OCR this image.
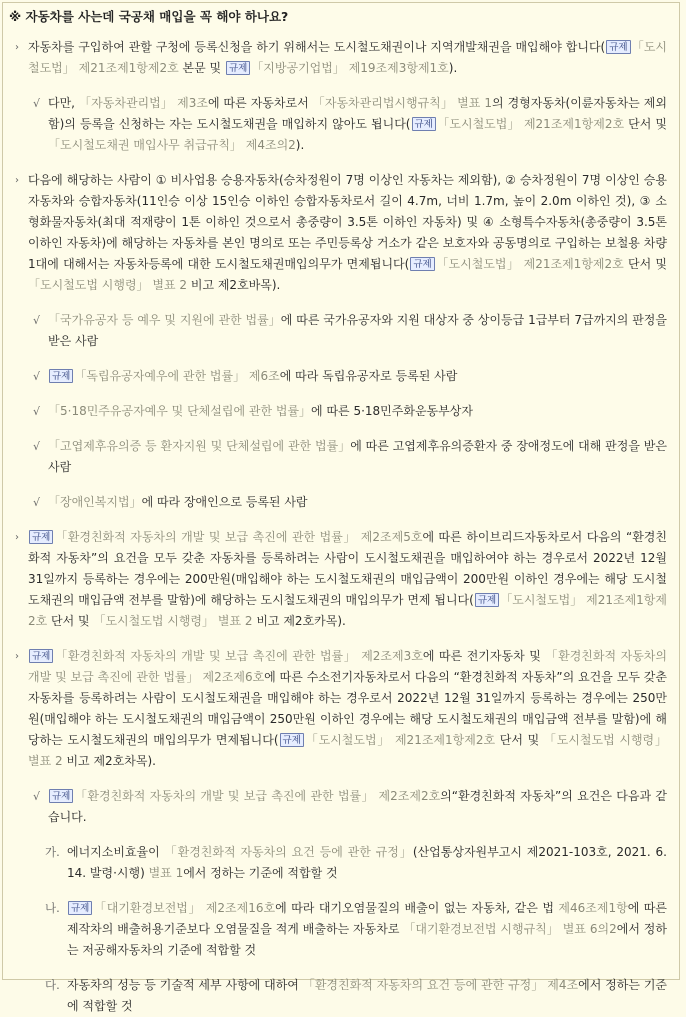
※ 자동차를 사는데 국공채 매입을 꼭 해야 하나요?
› 자동차를 구입하여 관할 구청에 등록신청을 하기 위해서는 도시철도채권이나 지역개발채권을 매입해야 합니다( 규제 「도시철도법」 제21조제1항제2호 본문 및 규제 「지방공기업법」 제19조제3항제1호).
√ 다만, 「자동차관리법」 제3조에 따른 자동차로서 「자동차관리법시행규칙」 별표 1의 경형자동차(이륜자동차는 제외함)의 등록을 신청하는 자는 도시철도채권을 매입하지 않아도 됩니다( 규제 「도시철도법」 제21조제1항제2호 단서 및 「도시철도채권 매입사무 취급규칙」 제4조의2).
› 다음에 해당하는 사람이 ① 비사업용 승용자동차(승차정원이 7명 이상인 자동차는 제외함), ② 승차정원이 7명 이상인 승용자동차와 승합자동차(11인승 이상 15인승 이하인 승합자동차로서 길이 4.7m, 너비 1.7m, 높이 2.0m 이하인 것), ③ 소형화물자동차(최대 적재량이 1톤 이하인 것으로서 총중량이 3.5톤 이하인 자동차) 및 ④ 소형특수자동차(총중량이 3.5톤 이하인 자동차)에 해당하는 자동차를 본인 명의로 또는 주민등록상 거소가 같은 보호자와 공동명의로 구입하는 보철용 차량 1대에 대해서는 자동차등록에 대한 도시철도채권매입의무가 면제됩니다( 규제 「도시철도법」 제21조제1항제2호 단서 및 「도시철도법 시행령」 별표 2 비고 제2호바목).
√ 「국가유공자 등 예우 및 지원에 관한 법률」에 따른 국가유공자와 지원 대상자 중 상이등급 1급부터 7급까지의 판정을 받은 사람
√ 규제 「독립유공자예우에 관한 법률」 제6조에 따라 독립유공자로 등록된 사람
√ 「5·18민주유공자예우 및 단체설립에 관한 법률」에 따른 5·18민주화운동부상자
√ 「고엽제후유의증 등 환자지원 및 단체설립에 관한 법률」에 따른 고엽제후유의증환자 중 장애정도에 대해 판정을 받은 사람
√ 「장애인복지법」에 따라 장애인으로 등록된 사람
› 규제 「환경친화적 자동차의 개발 및 보급 촉진에 관한 법률」 제2조제5호에 따른 하이브리드자동차로서 다음의 “환경친화적 자동차”의 요건을 모두 갖춘 자동차를 등록하려는 사람이 도시철도채권을 매입하여야 하는 경우로서 2022년 12월 31일까지 등록하는 경우에는 200만원(매입해야 하는 도시철도채권의 매입금액이 200만원 이하인 경우에는 해당 도시철도채권의 매입금액 전부를 말함)에 해당하는 도시철도채권의 매입의무가 면제 됩니다( 규제 「도시철도법」 제21조제1항제2호 단서 및 「도시철도법 시행령」 별표 2 비고 제2호카목).
› 규제 「환경친화적 자동차의 개발 및 보급 촉진에 관한 법률」 제2조제3호에 따른 전기자동차 및 「환경친화적 자동차의 개발 및 보급 촉진에 관한 법률」 제2조제6호에 따른 수소전기자동차로서 다음의 “환경친화적 자동차”의 요건을 모두 갖춘 자동차를 등록하려는 사람이 도시철도채권을 매입해야 하는 경우로서 2022년 12월 31일까지 등록하는 경우에는 250만원(매입해야 하는 도시철도채권의 매입금액이 250만원 이하인 경우에는 해당 도시철도채권의 매입금액 전부를 말함)에 해당하는 도시철도채권의 매입의무가 면제됩니다( 규제 「도시철도법」 제21조제1항제2호 단서 및 「도시철도법 시행령」 별표 2 비고 제2호차목).
√ 규제 「환경친화적 자동차의 개발 및 보급 촉진에 관한 법률」 제2조제2호의“환경친화적 자동차”의 요건은 다음과 같습니다.
가. 에너지소비효율이 「환경친화적 자동차의 요건 등에 관한 규정」(산업통상자원부고시 제2021-103호, 2021. 6. 14. 발령·시행) 별표 1에서 정하는 기준에 적합할 것
나. 규제 「대기환경보전법」 제2조제16호에 따라 대기오염물질의 배출이 없는 자동차, 같은 법 제46조제1항에 따른 제작차의 배출허용기준보다 오염물질을 적게 배출하는 자동차로 「대기환경보전법 시행규칙」 별표 6의2에서 정하는 저공해자동차의 기준에 적합할 것
다. 자동차의 성능 등 기술적 세부 사항에 대하여 「환경친화적 자동차의 요건 등에 관한 규정」 제4조에서 정하는 기준에 적합할 것
